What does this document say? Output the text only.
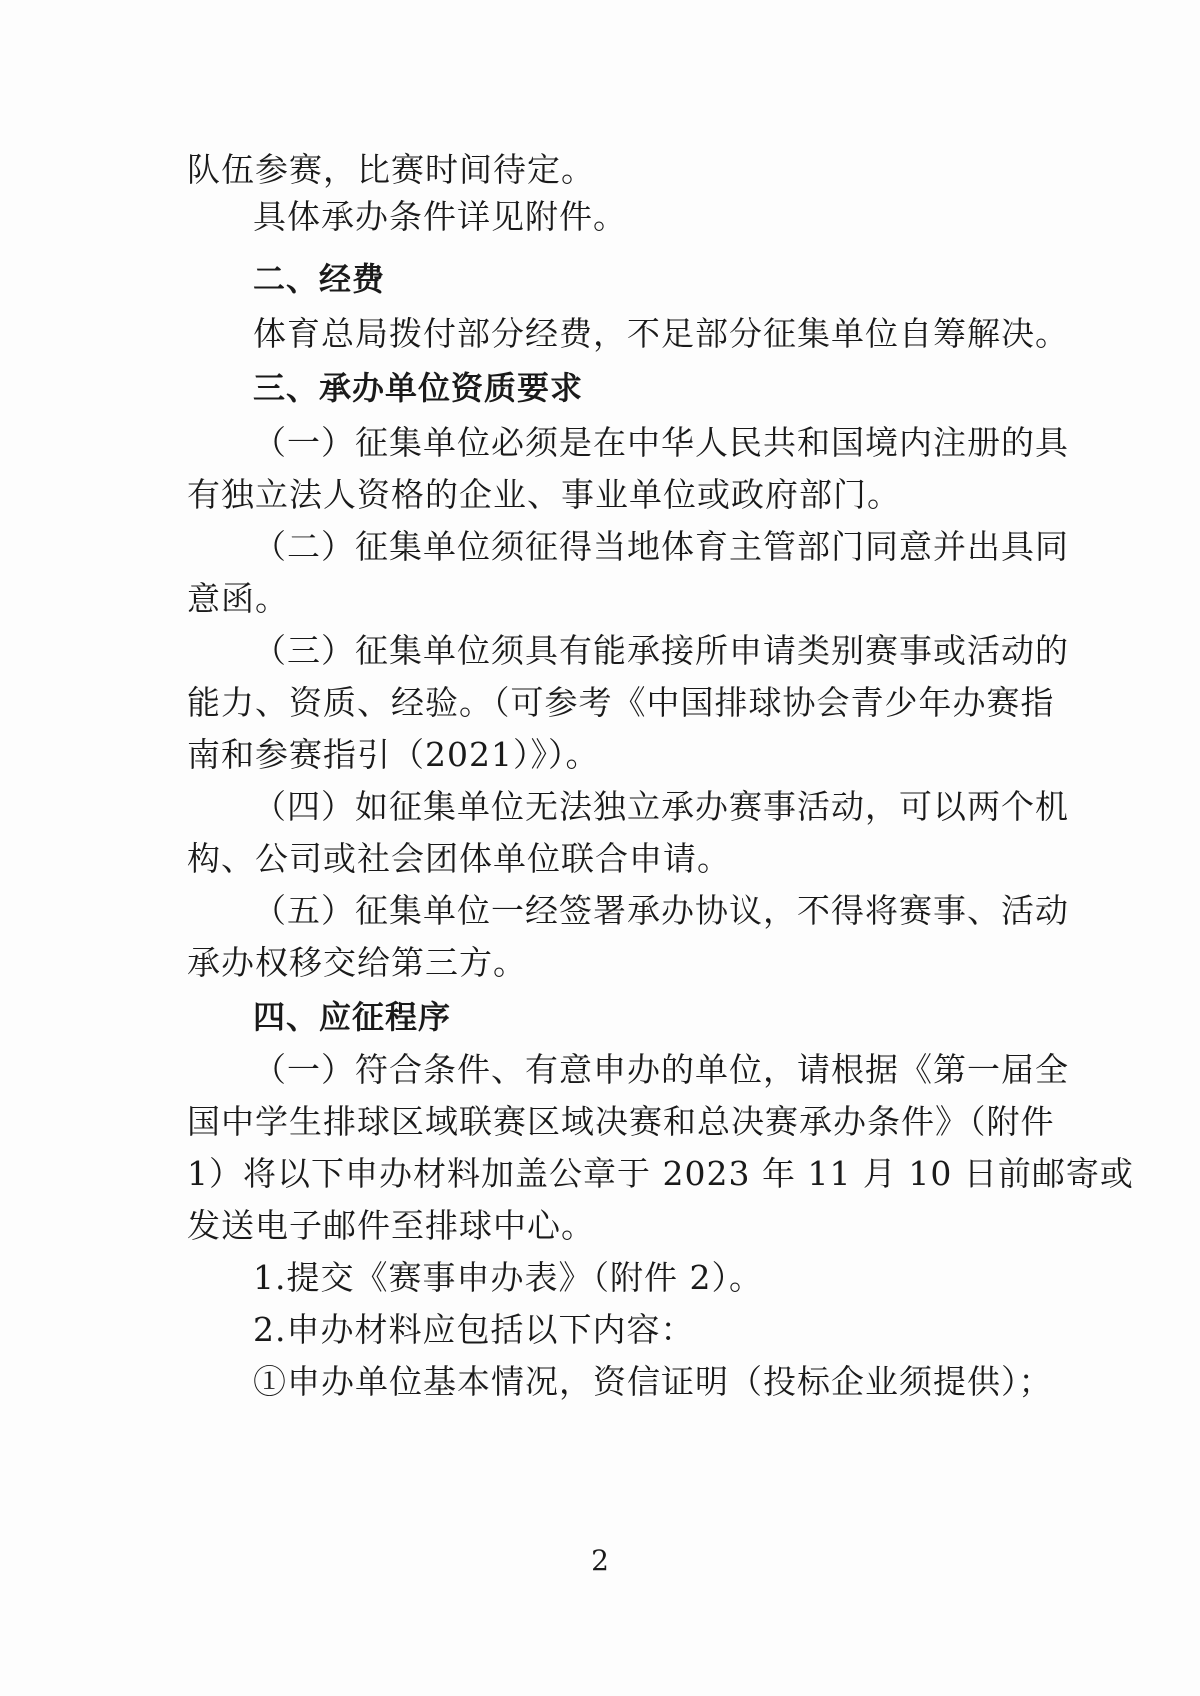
队伍参赛，比赛时间待定。
具体承办条件详见附件。
二、经费
体育总局拨付部分经费，不足部分征集单位自筹解决。
三、承办单位资质要求
（一）征集单位必须是在中华人民共和国境内注册的具
有独立法人资格的企业、事业单位或政府部门。
（二）征集单位须征得当地体育主管部门同意并出具同
意函。
（三）征集单位须具有能承接所申请类别赛事或活动的
能力、资质、经验。（可参考《中国排球协会青少年办赛指
南和参赛指引（2021）》）。
（四）如征集单位无法独立承办赛事活动，可以两个机
构、公司或社会团体单位联合申请。
（五）征集单位一经签署承办协议，不得将赛事、活动
承办权移交给第三方。
四、应征程序
（一）符合条件、有意申办的单位，请根据《第一届全
国中学生排球区域联赛区域决赛和总决赛承办条件》（附件
1）将以下申办材料加盖公章于 2023 年 11 月 10 日前邮寄或
发送电子邮件至排球中心。
1.提交《赛事申办表》（附件 2）。
2.申办材料应包括以下内容：
①申办单位基本情况，资信证明（投标企业须提供）；
2
